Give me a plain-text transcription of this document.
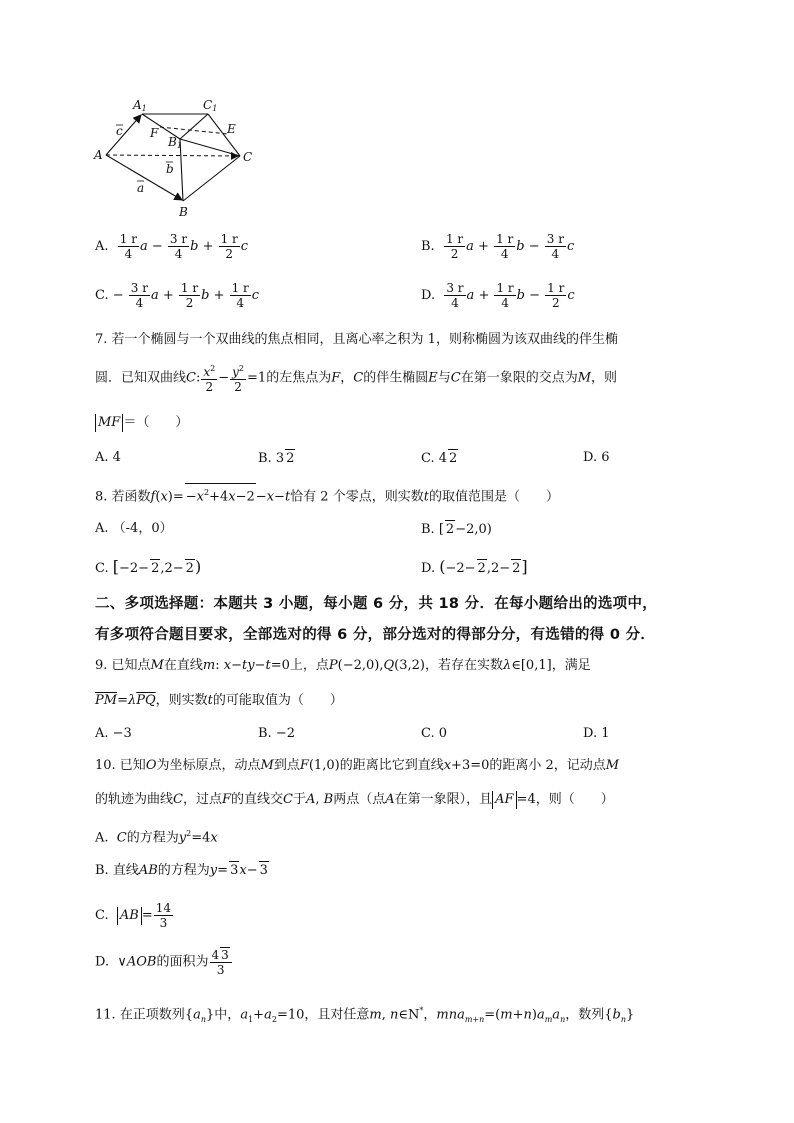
A1	C1
F
B1
E
A	C
B
c
b
a
A. $\frac{1 r}{4}$ $a - \frac{3 r}{4}$ $b + \frac{1 r}{2}$ c	B. $\frac{1 r}{2}$ $a + \frac{1 r}{4}$ $b - \frac{3 r}{4}$ c
C. − $\frac{3 r}{4}$ $a + \frac{1 r}{2}$ $b + \frac{1 r}{4}$ c	D. $\frac{3 r}{4}$ $a + \frac{1 r}{4}$ $b - \frac{1 r}{2}$ c
7. 若一个椭圆与一个双曲线的焦点相同，且离心率之积为 1，则称椭圆为该双曲线的伴生椭
圆．已知双曲线C: $\frac{x^2}{2} - \frac{y^2}{2} =1$的左焦点为F，C的伴生椭圆E与C在第一象限的交点为M，则
MF ＝（　　）
A. 4	B. 3 2	C. 4 2	D. 6
8. 若函数$f(x)= -x^2+4x-2-x-t$恰有 2 个零点，则实数t的取值范围是（　　）
A. （-4，0）	B. [ 2−2,0)
C. [−2− 2,2− 2)	D. (−2− 2,2− 2]
二、多项选择题：本题共 3 小题，每小题 6 分，共 18 分．在每小题给出的选项中，
有多项符合题目要求，全部选对的得 6 分，部分选对的得部分分，有选错的得 0 分．
9. 已知点M在直线m: x−ty−t=0上，点P(−2,0),Q(3,2)，若存在实数λ∈[0,1]，满足
$\overline{PM}=\lambda\overline{PQ}$，则实数t的可能取值为（　　）
A. −3	B. −2	C. 0	D. 1
10. 已知O为坐标原点，动点M到点F(1,0)的距离比它到直线x+3=0的距离小 2，记动点M
的轨迹为曲线C，过点F的直线交C于A, B两点（点A在第一象限），且 AF =4，则（　　）
A. C的方程为$y^2=4x$
B. 直线AB的方程为y= 3x− 3
C. AB = $\frac{14}{3}$
D.  ∨AOB的面积为 $\frac{4 3}{3}$
11. 在正项数列$\{a_n\}$中，$a_1+a_2=10$，且对任意m, n∈N*，$mna_{m+n}=(m+n)a_ma_n$，数列$\{b_n\}$
